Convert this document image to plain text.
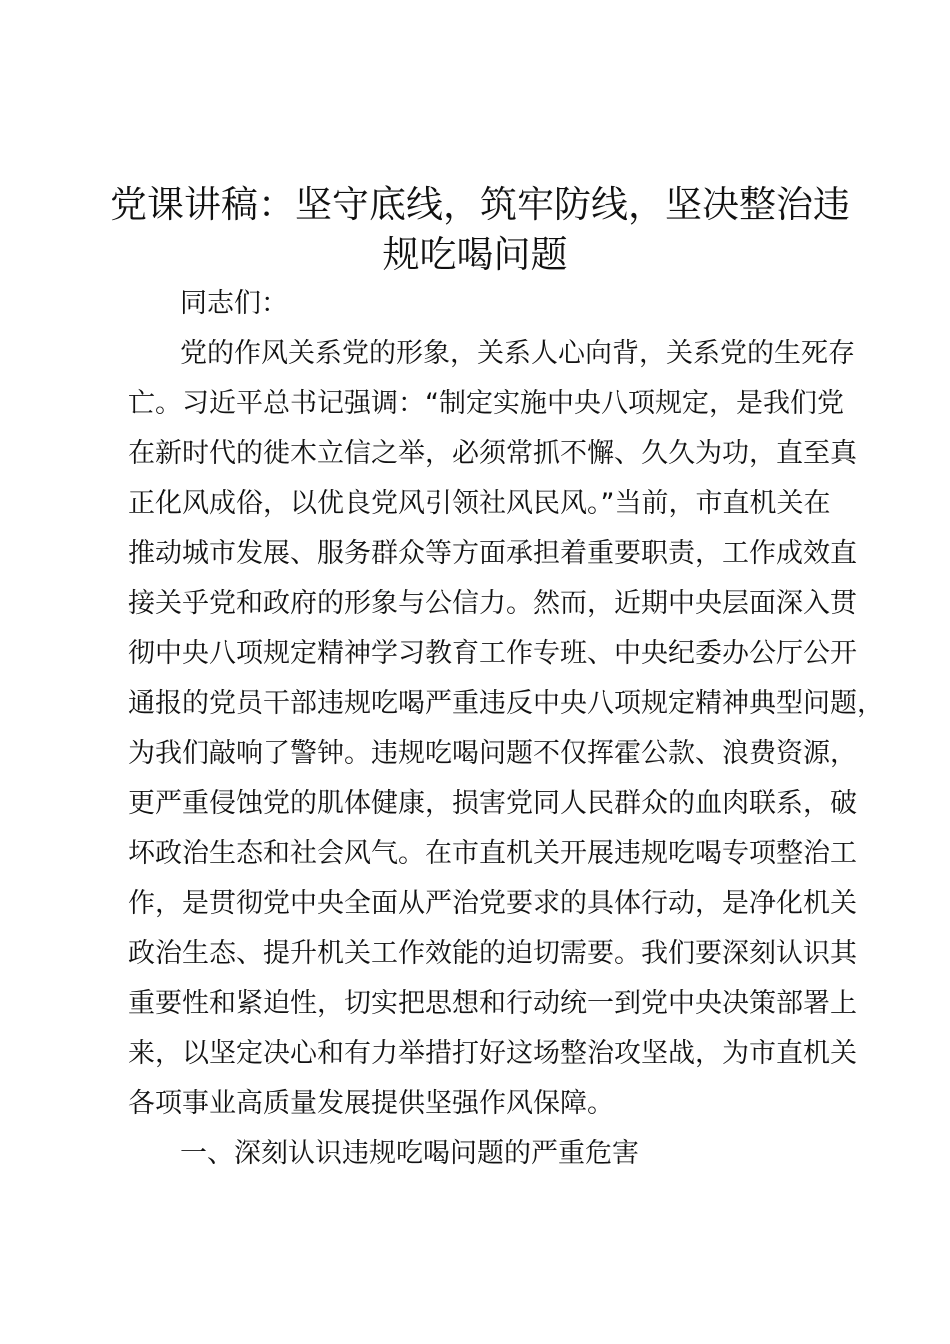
党课讲稿：坚守底线，筑牢防线，坚决整治违
规吃喝问题
同志们：
党的作风关系党的形象，关系人心向背，关系党的生死存
亡。习近平总书记强调：“制定实施中央八项规定，是我们党
在新时代的徙木立信之举，必须常抓不懈、久久为功，直至真
正化风成俗，以优良党风引领社风民风。”当前，市直机关在
推动城市发展、服务群众等方面承担着重要职责，工作成效直
接关乎党和政府的形象与公信力。然而，近期中央层面深入贯
彻中央八项规定精神学习教育工作专班、中央纪委办公厅公开
通报的党员干部违规吃喝严重违反中央八项规定精神典型问题，
为我们敲响了警钟。违规吃喝问题不仅挥霍公款、浪费资源，
更严重侵蚀党的肌体健康，损害党同人民群众的血肉联系，破
坏政治生态和社会风气。在市直机关开展违规吃喝专项整治工
作，是贯彻党中央全面从严治党要求的具体行动，是净化机关
政治生态、提升机关工作效能的迫切需要。我们要深刻认识其
重要性和紧迫性，切实把思想和行动统一到党中央决策部署上
来，以坚定决心和有力举措打好这场整治攻坚战，为市直机关
各项事业高质量发展提供坚强作风保障。
一、深刻认识违规吃喝问题的严重危害
